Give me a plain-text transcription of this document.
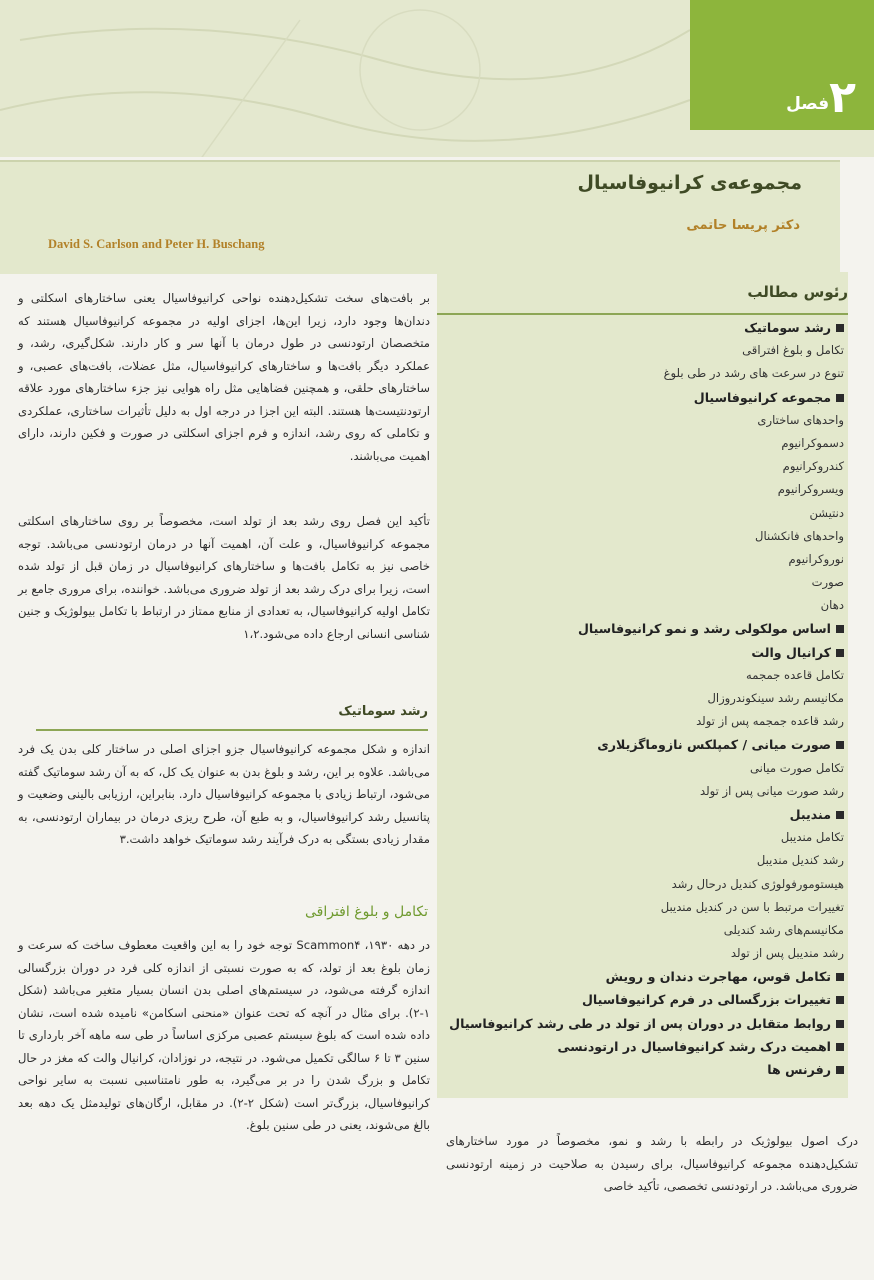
۲
فصل
مجموعه‌ی کرانیوفاسیال
دکتر پریسا حاتمی
David S. Carlson and Peter H. Buschang
رئوس مطالب
رشد سوماتیک
تکامل و بلوغ افتراقی
تنوع در سرعت های رشد در طی بلوغ
مجموعه کرانیوفاسیال
واحدهای ساختاری
دسموکرانیوم
کندروکرانیوم
ویسروکرانیوم
دنتیشن
واحدهای فانکشنال
نوروکرانیوم
صورت
دهان
اساس مولکولی رشد و نمو کرانیوفاسیال
کرانیال والت
تکامل قاعده جمجمه
مکانیسم رشد سینکوندروزال
رشد قاعده جمجمه پس از تولد
صورت میانی / کمپلکس نازوماگزیلاری
تکامل صورت میانی
رشد صورت میانی پس از تولد
مندیبل
تکامل مندیبل
رشد کندیل مندیبل
هیستومورفولوژی کندیل درحال رشد
تغییرات مرتبط با سن در کندیل مندیبل
مکانیسم‌های رشد کندیلی
رشد مندیبل پس از تولد
تکامل قوس، مهاجرت دندان و رویش
تغییرات بزرگسالی در فرم کرانیوفاسیال
روابط متقابل در دوران پس از تولد در طی رشد کرانیوفاسیال
اهمیت درک رشد کرانیوفاسیال در ارتودنسی
رفرنس ها

بر بافت‌های سخت تشکیل‌دهنده نواحی کرانیوفاسیال یعنی ساختارهای اسکلتی و دندان‌ها وجود دارد، زیرا این‌ها، اجزای اولیه در مجموعه کرانیوفاسیال هستند که متخصصان ارتودنسی در طول درمان با آنها سر و کار دارند. شکل‌گیری، رشد، و عملکرد دیگر بافت‌ها و ساختارهای کرانیوفاسیال، مثل عضلات، بافت‌های عصبی، و ساختارهای حلقی، و همچنین فضاهایی مثل راه هوایی نیز جزء ساختارهای مورد علاقه ارتودنتیست‌ها هستند. البته این اجزا در درجه اول به دلیل تأثیرات ساختاری، عملکردی و تکاملی که روی رشد، اندازه و فرم اجزای اسکلتی در صورت و فکین دارند، دارای اهمیت می‌باشند.

تأکید این فصل روی رشد بعد از تولد است، مخصوصاً بر روی ساختارهای اسکلتی مجموعه کرانیوفاسیال، و علت آن، اهمیت آنها در درمان ارتودنسی می‌باشد. توجه خاصی نیز به تکامل بافت‌ها و ساختارهای کرانیوفاسیال در زمان قبل از تولد شده است، زیرا برای درک رشد بعد از تولد ضروری می‌باشد. خواننده، برای مروری جامع بر تکامل اولیه کرانیوفاسیال، به تعدادی از منابع ممتاز در ارتباط با تکامل بیولوژیک و جنین شناسی انسانی ارجاع داده می‌شود.۱،۲

رشد سوماتیک

اندازه و شکل مجموعه کرانیوفاسیال جزو اجزای اصلی در ساختار کلی بدن یک فرد می‌باشد. علاوه بر این، رشد و بلوغ بدن به عنوان یک کل، که به آن رشد سوماتیک گفته می‌شود، ارتباط زیادی با مجموعه کرانیوفاسیال دارد. بنابراین، ارزیابی بالینی وضعیت و پتانسیل رشد کرانیوفاسیال، و به طبع آن، طرح ریزی درمان در بیماران ارتودنسی، به مقدار زیادی بستگی به درک فرآیند رشد سوماتیک خواهد داشت.۳

تکامل و بلوغ افتراقی

در دهه ۱۹۳۰، Scammon۴ توجه خود را به این واقعیت معطوف ساخت که سرعت و زمان بلوغ بعد از تولد، که به صورت نسبتی از اندازه کلی فرد در دوران بزرگسالی اندازه گرفته می‌شود، در سیستم‌های اصلی بدن انسان بسیار متغیر می‌باشد (شکل ۱-۲). برای مثال در آنچه که تحت عنوان «منحنی اسکامن» نامیده شده است، نشان داده شده است که بلوغ سیستم عصبی مرکزی اساساً در طی سه ماهه آخر بارداری تا سنین ۳ تا ۶ سالگی تکمیل می‌شود. در نتیجه، در نوزادان، کرانیال والت که مغز در حال تکامل و بزرگ شدن را در بر می‌گیرد، به طور نامتناسبی نسبت به سایر نواحی کرانیوفاسیال، بزرگ‌تر است (شکل ۲-۲). در مقابل، ارگان‌های تولیدمثل یک دهه بعد بالغ می‌شوند، یعنی در طی سنین بلوغ.

درک اصول بیولوژیک در رابطه با رشد و نمو، مخصوصاً در مورد ساختارهای تشکیل‌دهنده مجموعه کرانیوفاسیال، برای رسیدن به صلاحیت در زمینه ارتودنسی ضروری می‌باشد. در ارتودنسی تخصصی، تأکید خاصی
